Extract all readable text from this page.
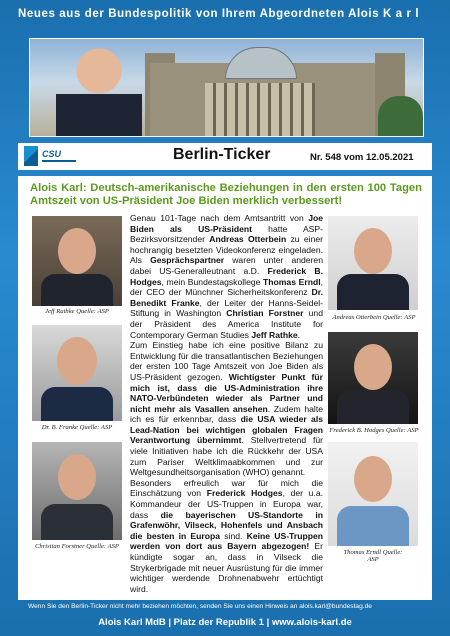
Neues aus der Bundespolitik von Ihrem Abgeordneten Alois K a r l
CSU	Berlin-Ticker	Nr. 548 vom 12.05.2021
Alois Karl: Deutsch-amerikanische Beziehungen in den ersten 100 Tagen Amtszeit von US-Präsident Joe Biden merklich verbessert!
Jeff Rathke Quelle: ASP
Dr. B. Franke Quelle: ASP
Christian Forstner Quelle: ASP
Andreas Otterbein Quelle: ASP
Frederick B. Hodges Quelle: ASP
Thomas Erndl Quelle: ASP
Genau 101-Tage nach dem Amtsantritt von Joe Biden als US-Präsident hatte ASP-Bezirksvorsitzender Andreas Otterbein zu einer hochrangig besetzten Videokonferenz eingeladen. Als Gesprächspartner waren unter anderen dabei US-Generalleutnant a.D. Frederick B. Hodges, mein Bundestagskollege Thomas Erndl, der CEO der Münchner Sicherheitskonferenz Dr. Benedikt Franke, der Leiter der Hanns-Seidel-Stiftung in Washington Christian Forstner und der Präsident des America Institute for Contemporary German Studies Jeff Rathke.
Zum Einstieg habe ich eine positive Bilanz zu Entwicklung für die transatlantischen Beziehungen der ersten 100 Tage Amtszeit von Joe Biden als US-Präsident gezogen. Wichtigster Punkt für mich ist, dass die US-Administration ihre NATO-Verbündeten wieder als Partner und nicht mehr als Vasallen ansehen. Zudem halte ich es für erkennbar, dass die USA wieder als Lead-Nation bei wichtigen globalen Fragen Verantwortung übernimmt. Stellvertretend für viele Initiativen habe ich die Rückkehr der USA zum Pariser Weltklimaabkommen und zur Weltgesundheitsorganisation (WHO) genannt.
Besonders erfreulich war für mich die Einschätzung von Frederick Hodges, der u.a. Kommandeur der US-Truppen in Europa war, dass die bayerischen US-Standorte in Grafenwöhr, Vilseck, Hohenfels und Ansbach die besten in Europa sind. Keine US-Truppen werden von dort aus Bayern abgezogen! Er kündigte sogar an, dass in Vilseck die Strykerbrigade mit neuer Ausrüstung für die immer wichtiger werdende Drohnenabwehr ertüchtigt wird.
Wenn Sie den Berlin-Ticker nicht mehr beziehen möchten, senden Sie uns einen Hinweis an alois.karl@bundestag.de
Alois Karl MdB | Platz der Republik 1 | www.alois-karl.de
